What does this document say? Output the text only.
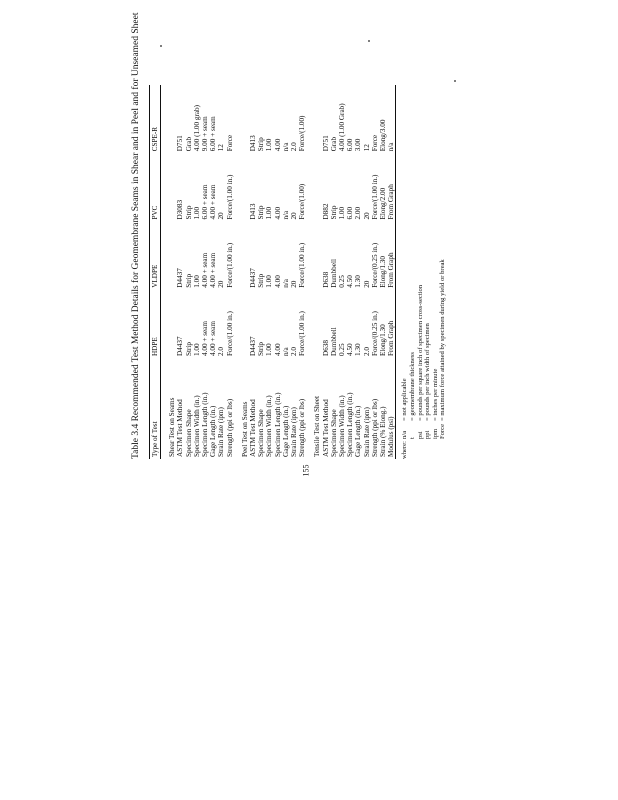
Table 3.4 Recommended Test Method Details for Geomembrane Seams in Shear and in Peel and for Unseamed Sheet Type of Test	HDPE	VLDPE	PVC	CSPE-R

Shear Test on Seams				
ASTM Test Method	D4437	D4437	D3083	D751
Specimen Shape	Strip	Strip	Strip	Grab
Specimen Width (in.)	1.00	1.00	1.00	4.00 (1.00 grab)
Specimen Length (in.)	4.00 + seam	4.00 + seam	6.00 + seam	9.00 + seam
Gage Length (in.)	4.00 + seam	4.00 + seam	4.00 + seam	6.00 + seam
Strain Rate (ipm)	2.0	20	20	12
Strength (ppi or lbs)	Force/(1.00 in.)	Force/(1.00 in.)	Force/(1.00 in.)	Force

Peel Test on Seams				
ASTM Test Method	D4437	D4437	D413	D413
Specimen Shape	Strip	Strip	Strip	Strip
Specimen Width (in.)	1.00	1.00	1.00	1.00
Specimen Length (in.)	4.00	4.00	4.00	4.00
Gage Length (in.)	n/a	n/a	n/a	n/a
Strain Rate (ipm)	2.0	20	20	2.0
Strength (ppi or lbs)	Force/(1.00 in.)	Force/(1.00 in.)	Force/(1.00)	Force/(1.00)

Tensile Test on Sheet				
ASTM Test Method	D638	D638	D882	D751
Specimen Shape	Dumbbell	Dumbbell	Strip	Grab
Specimen Width (in.)	0.25	0.25	1.00	4.00 (1.00 Grab)
Specimen Length (in.)	4.50	4.50	6.00	6.00
Gage Length (in.)	1.30	1.30	2.00	3.00
Strain Rate (ipm)	2.0	20	20	12
Strength (ppi or lbs)	Force/(0.25 in.)	Force/(0.25 in.)	Force/(1.00 in.)	Force
Strain (% Elong.)	Elong/1.30	Elong/1.30	Elong/2.00	Elong/3.00
Modulus (psi)	From Graph	From Graph	From Graph	n/a
where:
n/a
= not applicable
t
= geomembrane thickness
psi
= pounds per square inch of specimen cross-section
ppi
= pounds per inch width of specimen
ipm
= inches per minute
Force
= maximum force attained by specimen during yield or break
155
